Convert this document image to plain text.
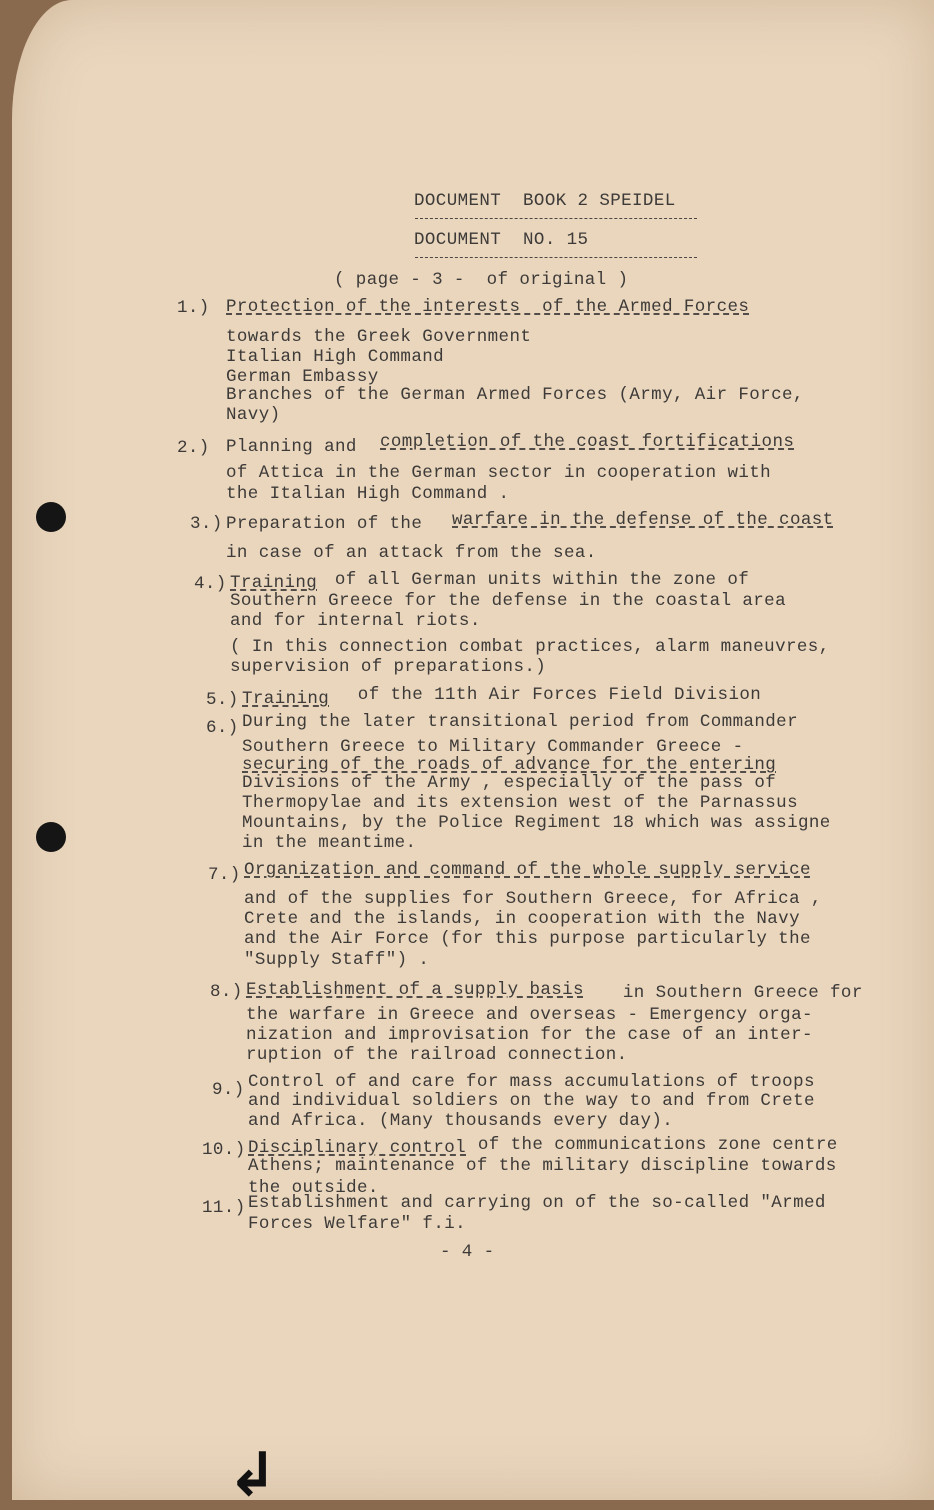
DOCUMENT  BOOK 2 SPEIDEL
DOCUMENT  NO. 15
( page - 3 -  of original )
1.) Protection of the interests  of the Armed Forces
towards the Greek Government
Italian High Command
German Embassy
Branches of the German Armed Forces (Army, Air Force,
Navy)
2.) Planning and completion of the coast fortifications
of Attica in the German sector in cooperation with
the Italian High Command .
3.) Preparation of the warfare in the defense of the coast
in case of an attack from the sea.
4.) Training of all German units within the zone of
Southern Greece for the defense in the coastal area
and for internal riots.
( In this connection combat practices, alarm maneuvres,
supervision of preparations.)
5.) Training of the 11th Air Forces Field Division
6.) During the later transitional period from Commander
Southern Greece to Military Commander Greece -
securing of the roads of advance for the entering
Divisions of the Army , especially of the pass of
Thermopylae and its extension west of the Parnassus
Mountains, by the Police Regiment 18 which was assigne
in the meantime.
7.) Organization and command of the whole supply service
and of the supplies for Southern Greece, for Africa ,
Crete and the islands, in cooperation with the Navy
and the Air Force (for this purpose particularly the
"Supply Staff") .
8.) Establishment of a supply basis in Southern Greece for
the warfare in Greece and overseas - Emergency orga-
nization and improvisation for the case of an inter-
ruption of the railroad connection.
9.) Control of and care for mass accumulations of troops
and individual soldiers on the way to and from Crete
and Africa. (Many thousands every day).
10.) Disciplinary control of the communications zone centre
Athens; maintenance of the military discipline towards
the outside.
11.) Establishment and carrying on of the so-called "Armed
Forces Welfare" f.i.
- 4 -
↲
